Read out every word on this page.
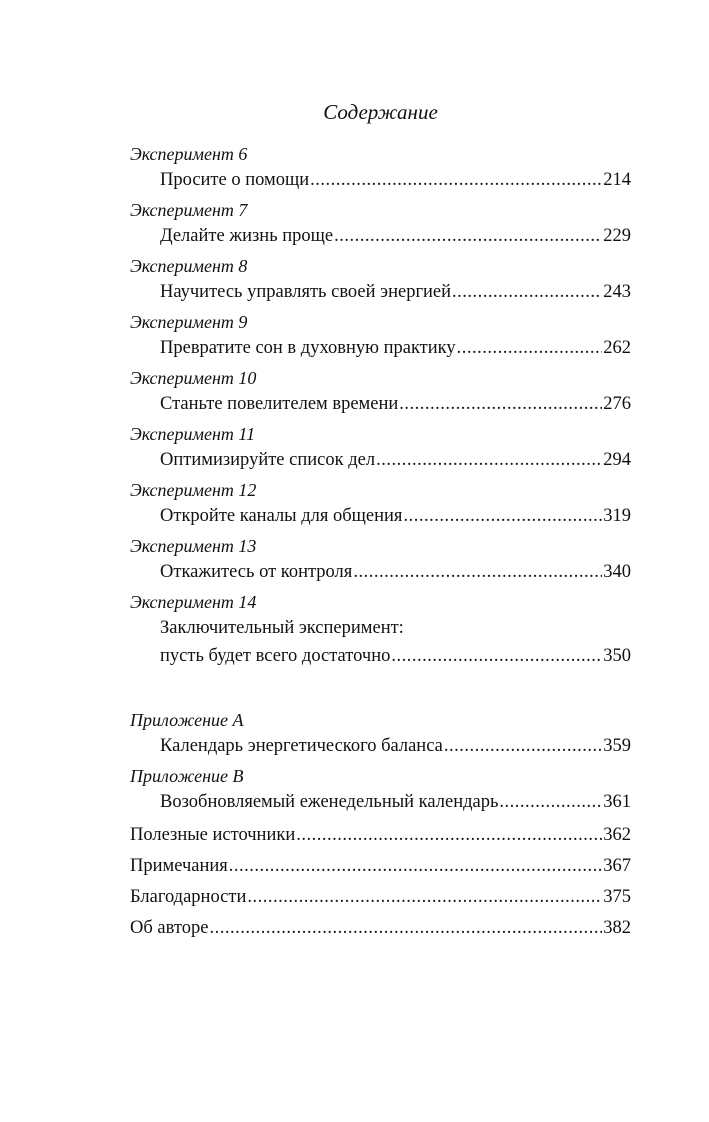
Содержание
Эксперимент 6
Просите о помощи .....	214
Эксперимент 7
Делайте жизнь проще .....	229
Эксперимент 8
Научитесь управлять своей энергией .....	243
Эксперимент 9
Превратите сон в духовную практику .....	262
Эксперимент 10
Станьте повелителем времени .....	276
Эксперимент 11
Оптимизируйте список дел .....	294
Эксперимент 12
Откройте каналы для общения .....	319
Эксперимент 13
Откажитесь от контроля .....	340
Эксперимент 14
Заключительный эксперимент:
пусть будет всего достаточно .....	350
Приложение А
Календарь энергетического баланса .....	359
Приложение В
Возобновляемый еженедельный календарь .....	361
Полезные источники .....	362
Примечания .....	367
Благодарности .....	375
Об авторе .....	382
